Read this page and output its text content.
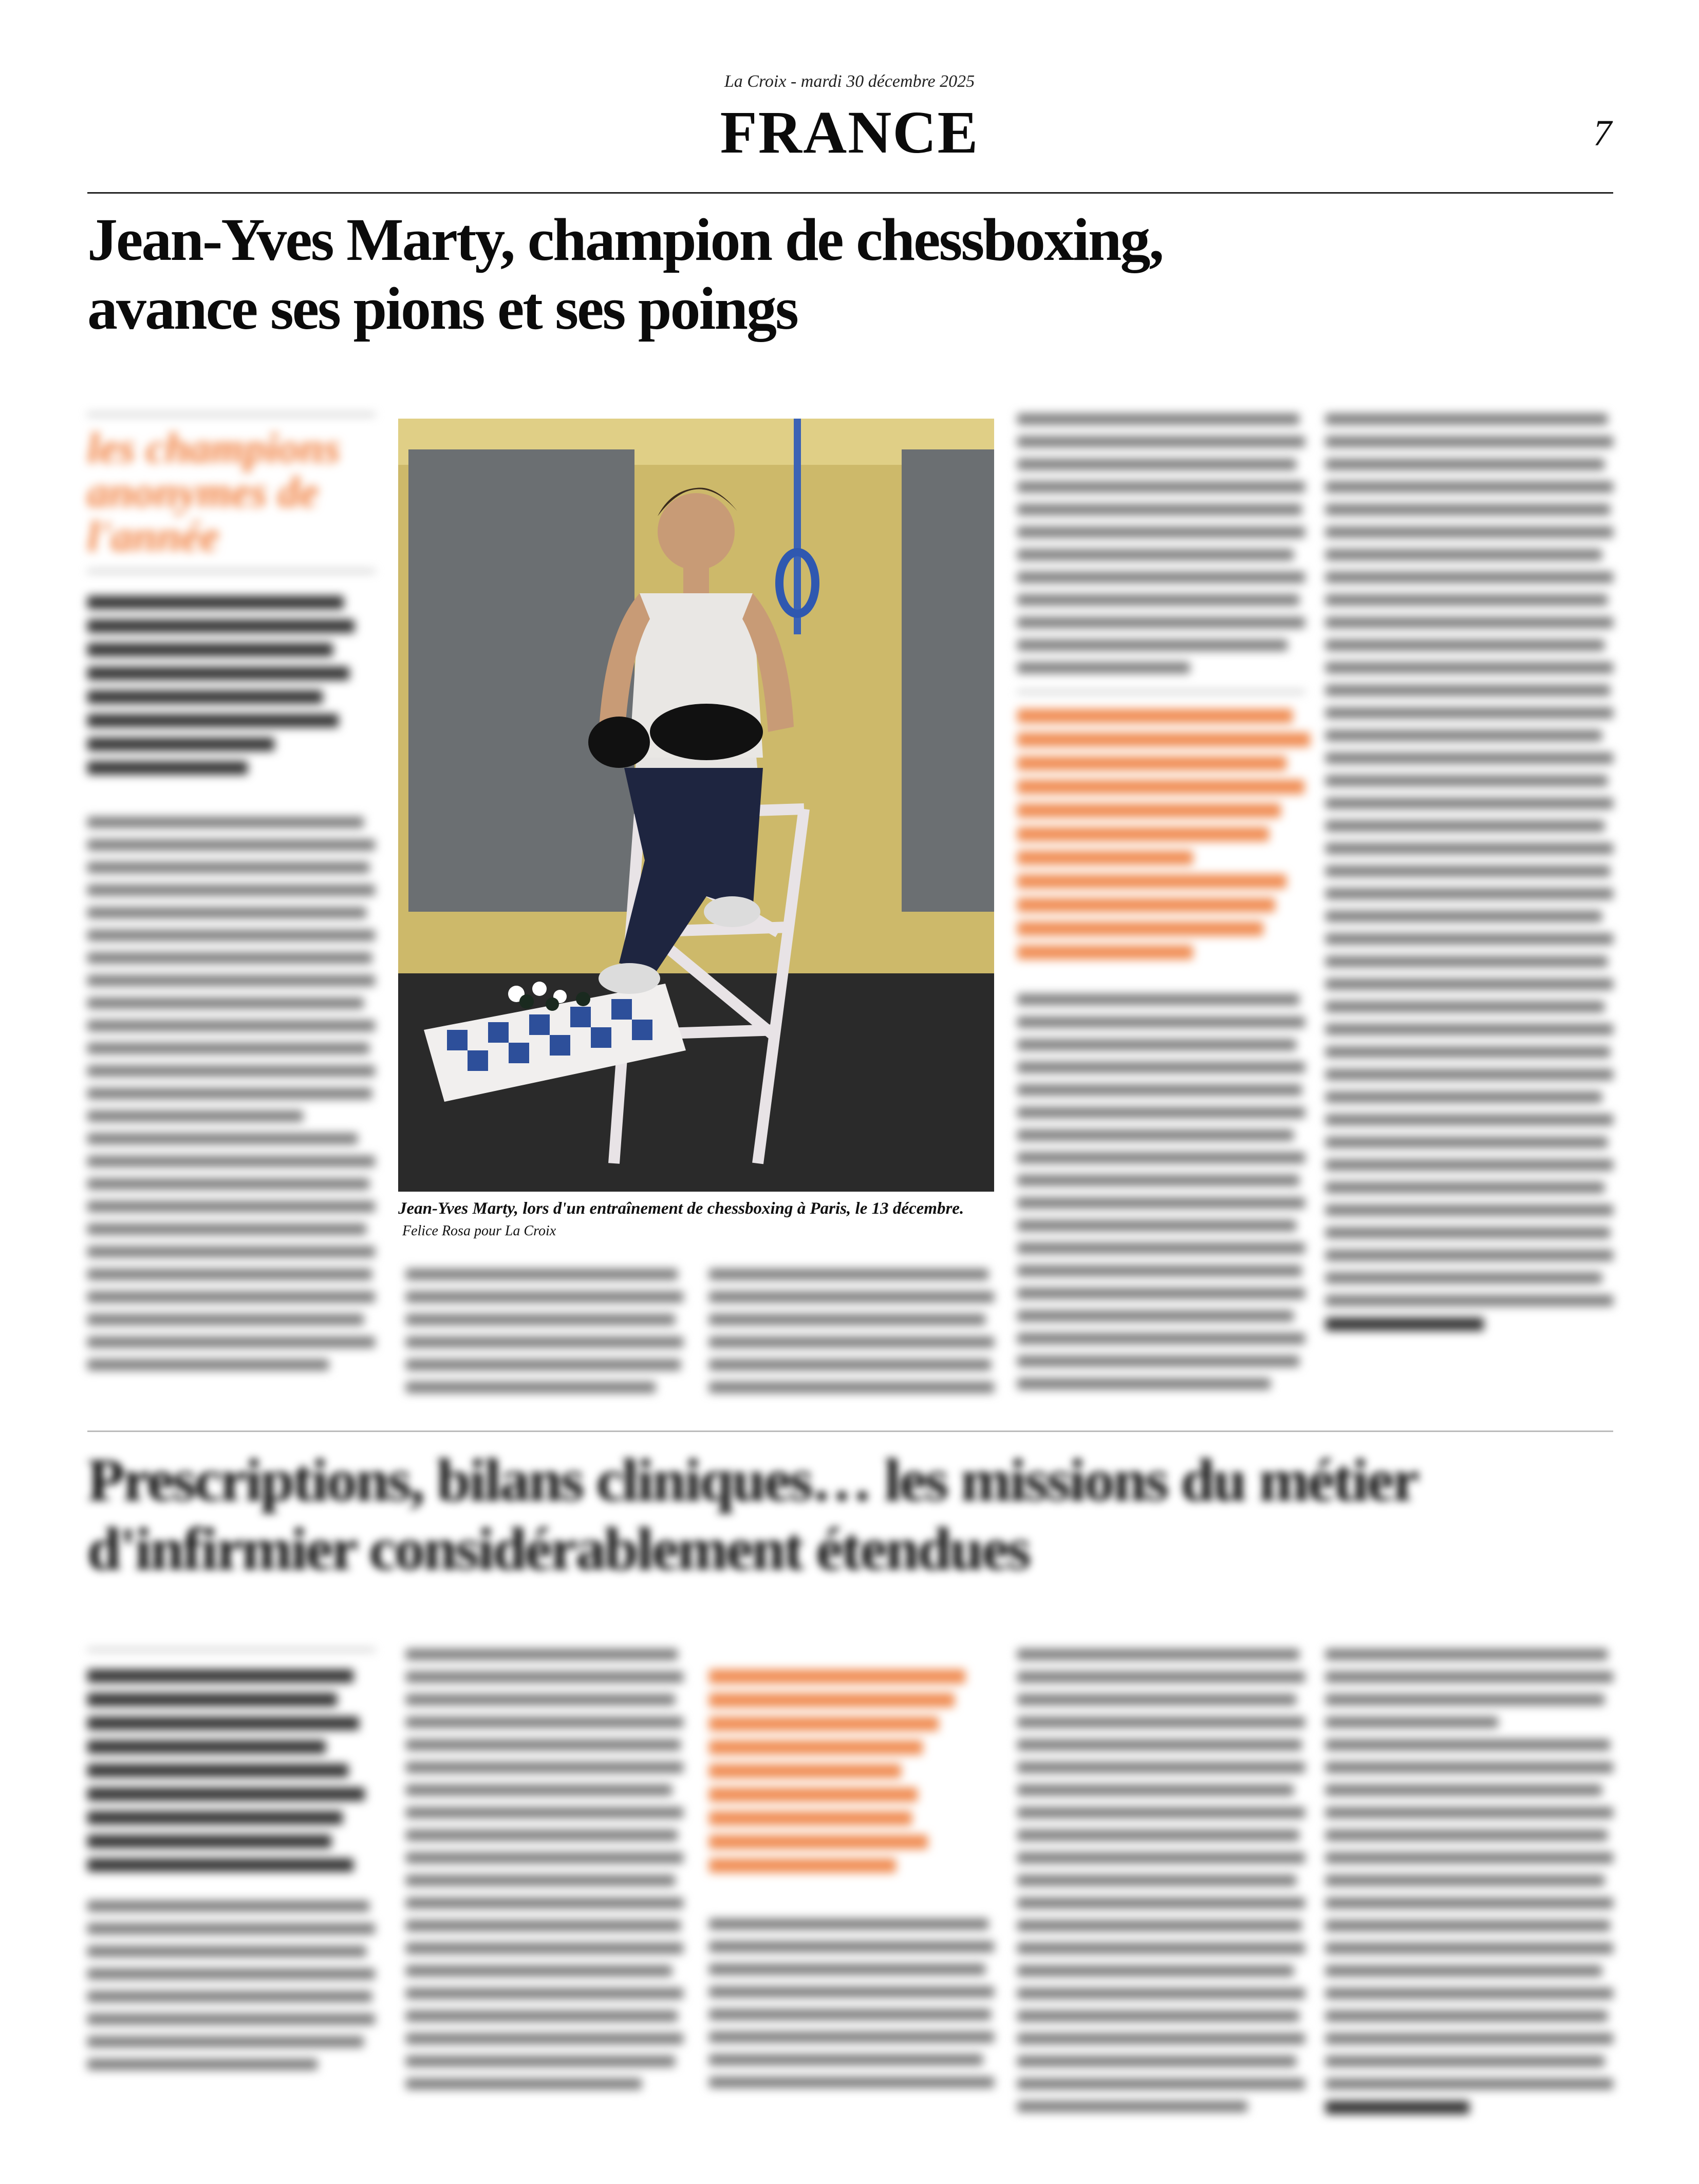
La Croix - mardi 30 décembre 2025
FRANCE	7
Jean-Yves Marty, champion de chessboxing,
avance ses pions et ses poings
les champions anonymes de l'année
Jean-Yves Marty, lors d'un entraînement de chessboxing à Paris, le 13 décembre. Felice Rosa pour La Croix
Prescriptions, bilans cliniques… les missions du métier
d'infirmier considérablement étendues
